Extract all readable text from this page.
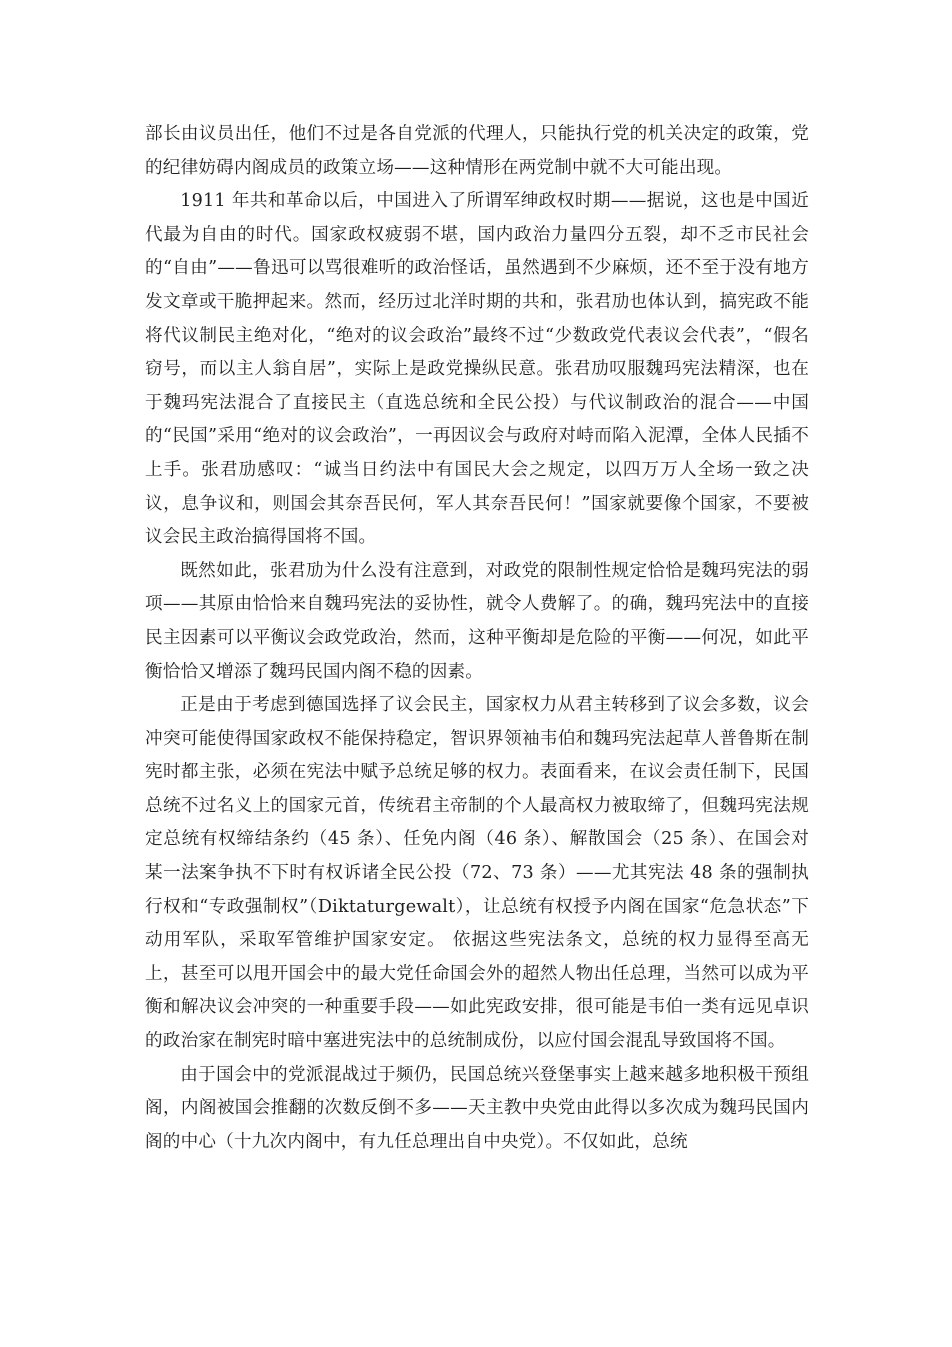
部长由议员出任，他们不过是各自党派的代理人，只能执行党的机关决定的政策，党的纪律妨碍内阁成员的政策立场——这种情形在两党制中就不大可能出现。

1911 年共和革命以后，中国进入了所谓军绅政权时期——据说，这也是中国近代最为自由的时代。国家政权疲弱不堪，国内政治力量四分五裂，却不乏市民社会的“自由”——鲁迅可以骂很难听的政治怪话，虽然遇到不少麻烦，还不至于没有地方发文章或干脆押起来。然而，经历过北洋时期的共和，张君劢也体认到，搞宪政不能将代议制民主绝对化，“绝对的议会政治”最终不过“少数政党代表议会代表”，“假名窃号，而以主人翁自居”，实际上是政党操纵民意。张君劢叹服魏玛宪法精深，也在于魏玛宪法混合了直接民主（直选总统和全民公投）与代议制政治的混合——中国的“民国”采用“绝对的议会政治”，一再因议会与政府对峙而陷入泥潭，全体人民插不上手。张君劢感叹：“诚当日约法中有国民大会之规定，以四万万人全场一致之决议，息争议和，则国会其奈吾民何，军人其奈吾民何！”国家就要像个国家，不要被议会民主政治搞得国将不国。

既然如此，张君劢为什么没有注意到，对政党的限制性规定恰恰是魏玛宪法的弱项——其原由恰恰来自魏玛宪法的妥协性，就令人费解了。的确，魏玛宪法中的直接民主因素可以平衡议会政党政治，然而，这种平衡却是危险的平衡——何况，如此平衡恰恰又增添了魏玛民国内阁不稳的因素。

正是由于考虑到德国选择了议会民主，国家权力从君主转移到了议会多数，议会冲突可能使得国家政权不能保持稳定，智识界领袖韦伯和魏玛宪法起草人普鲁斯在制宪时都主张，必须在宪法中赋予总统足够的权力。表面看来，在议会责任制下，民国总统不过名义上的国家元首，传统君主帝制的个人最高权力被取缔了，但魏玛宪法规定总统有权缔结条约（45 条）、任免内阁（46 条）、解散国会（25 条）、在国会对某一法案争执不下时有权诉诸全民公投（72、73 条）——尤其宪法 48 条的强制执行权和“专政强制权”（Diktaturgewalt），让总统有权授予内阁在国家“危急状态”下动用军队，采取军管维护国家安定。 依据这些宪法条文，总统的权力显得至高无上，甚至可以甩开国会中的最大党任命国会外的超然人物出任总理，当然可以成为平衡和解决议会冲突的一种重要手段——如此宪政安排，很可能是韦伯一类有远见卓识的政治家在制宪时暗中塞进宪法中的总统制成份，以应付国会混乱导致国将不国。

由于国会中的党派混战过于频仍，民国总统兴登堡事实上越来越多地积极干预组阁，内阁被国会推翻的次数反倒不多——天主教中央党由此得以多次成为魏玛民国内阁的中心（十九次内阁中，有九任总理出自中央党）。不仅如此，总统
